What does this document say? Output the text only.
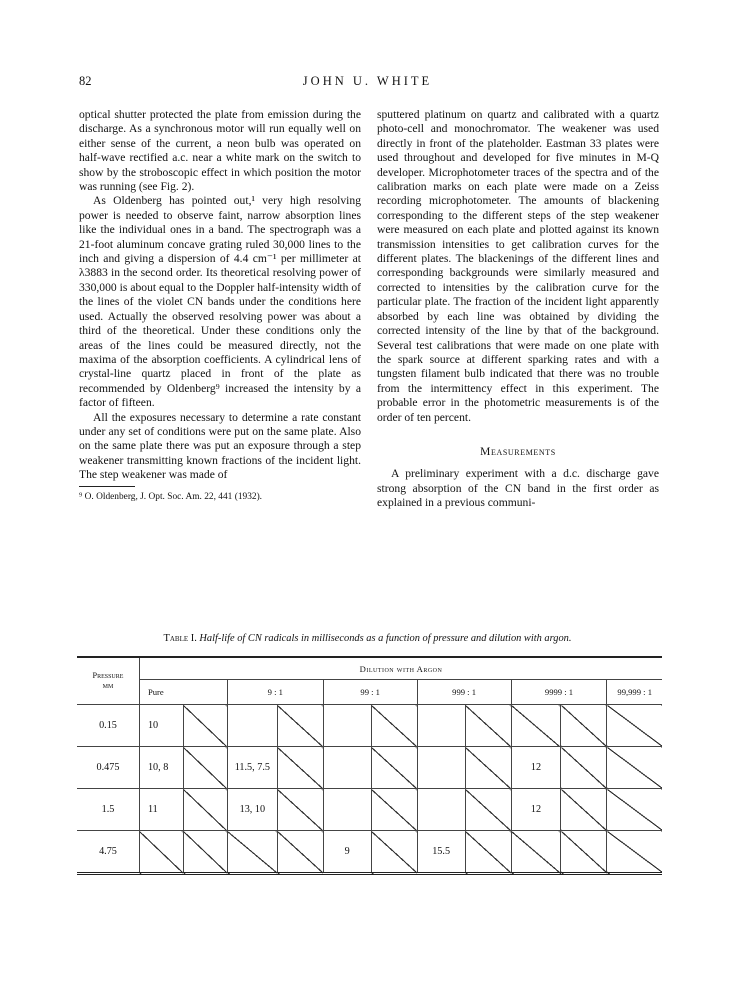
82	JOHN U. WHITE

optical shutter protected the plate from emission during the discharge. As a synchronous motor will run equally well on either sense of the current, a neon bulb was operated on half-wave rectified a.c. near a white mark on the switch to show by the stroboscopic effect in which position the motor was running (see Fig. 2).

As Oldenberg has pointed out,¹ very high resolving power is needed to observe faint, narrow absorption lines like the individual ones in a band. The spectrograph was a 21-foot aluminum concave grating ruled 30,000 lines to the inch and giving a dispersion of 4.4 cm⁻¹ per millimeter at λ3883 in the second order. Its theoretical resolving power of 330,000 is about equal to the Doppler half-intensity width of the lines of the violet CN bands under the conditions here used. Actually the observed resolving power was about a third of the theoretical. Under these conditions only the areas of the lines could be measured directly, not the maxima of the absorption coefficients. A cylindrical lens of crystal-line quartz placed in front of the plate as recommended by Oldenberg⁹ increased the intensity by a factor of fifteen.

All the exposures necessary to determine a rate constant under any set of conditions were put on the same plate. Also on the same plate there was put an exposure through a step weakener transmitting known fractions of the incident light. The step weakener was made of

⁹ O. Oldenberg, J. Opt. Soc. Am. 22, 441 (1932).

sputtered platinum on quartz and calibrated with a quartz photo-cell and monochromator. The weakener was used directly in front of the plateholder. Eastman 33 plates were used throughout and developed for five minutes in M-Q developer. Microphotometer traces of the spectra and of the calibration marks on each plate were made on a Zeiss recording microphotometer. The amounts of blackening corresponding to the different steps of the step weakener were measured on each plate and plotted against its known transmission intensities to get calibration curves for the different plates. The blackenings of the different lines and corresponding backgrounds were similarly measured and corrected to intensities by the calibration curve for the particular plate. The fraction of the incident light apparently absorbed by each line was obtained by dividing the corrected intensity of the line by that of the background. Several test calibrations that were made on one plate with the spark source at different sparking rates and with a tungsten filament bulb indicated that there was no trouble from the intermittency effect in this experiment. The probable error in the photometric measurements is of the order of ten percent.

Measurements

A preliminary experiment with a d.c. discharge gave strong absorption of the CN band in the first order as explained in a previous communi-

Table I. Half-life of CN radicals in milliseconds as a function of pressure and dilution with argon.
Pressure
mm	Dilution with Argon										
	Pure		9 : 1		99 : 1		999 : 1		9999 : 1		99,999 : 1
0.15	10										
0.475	10, 8		11.5, 7.5						12		
1.5	11		13, 10						12		
4.75					9		15.5				
